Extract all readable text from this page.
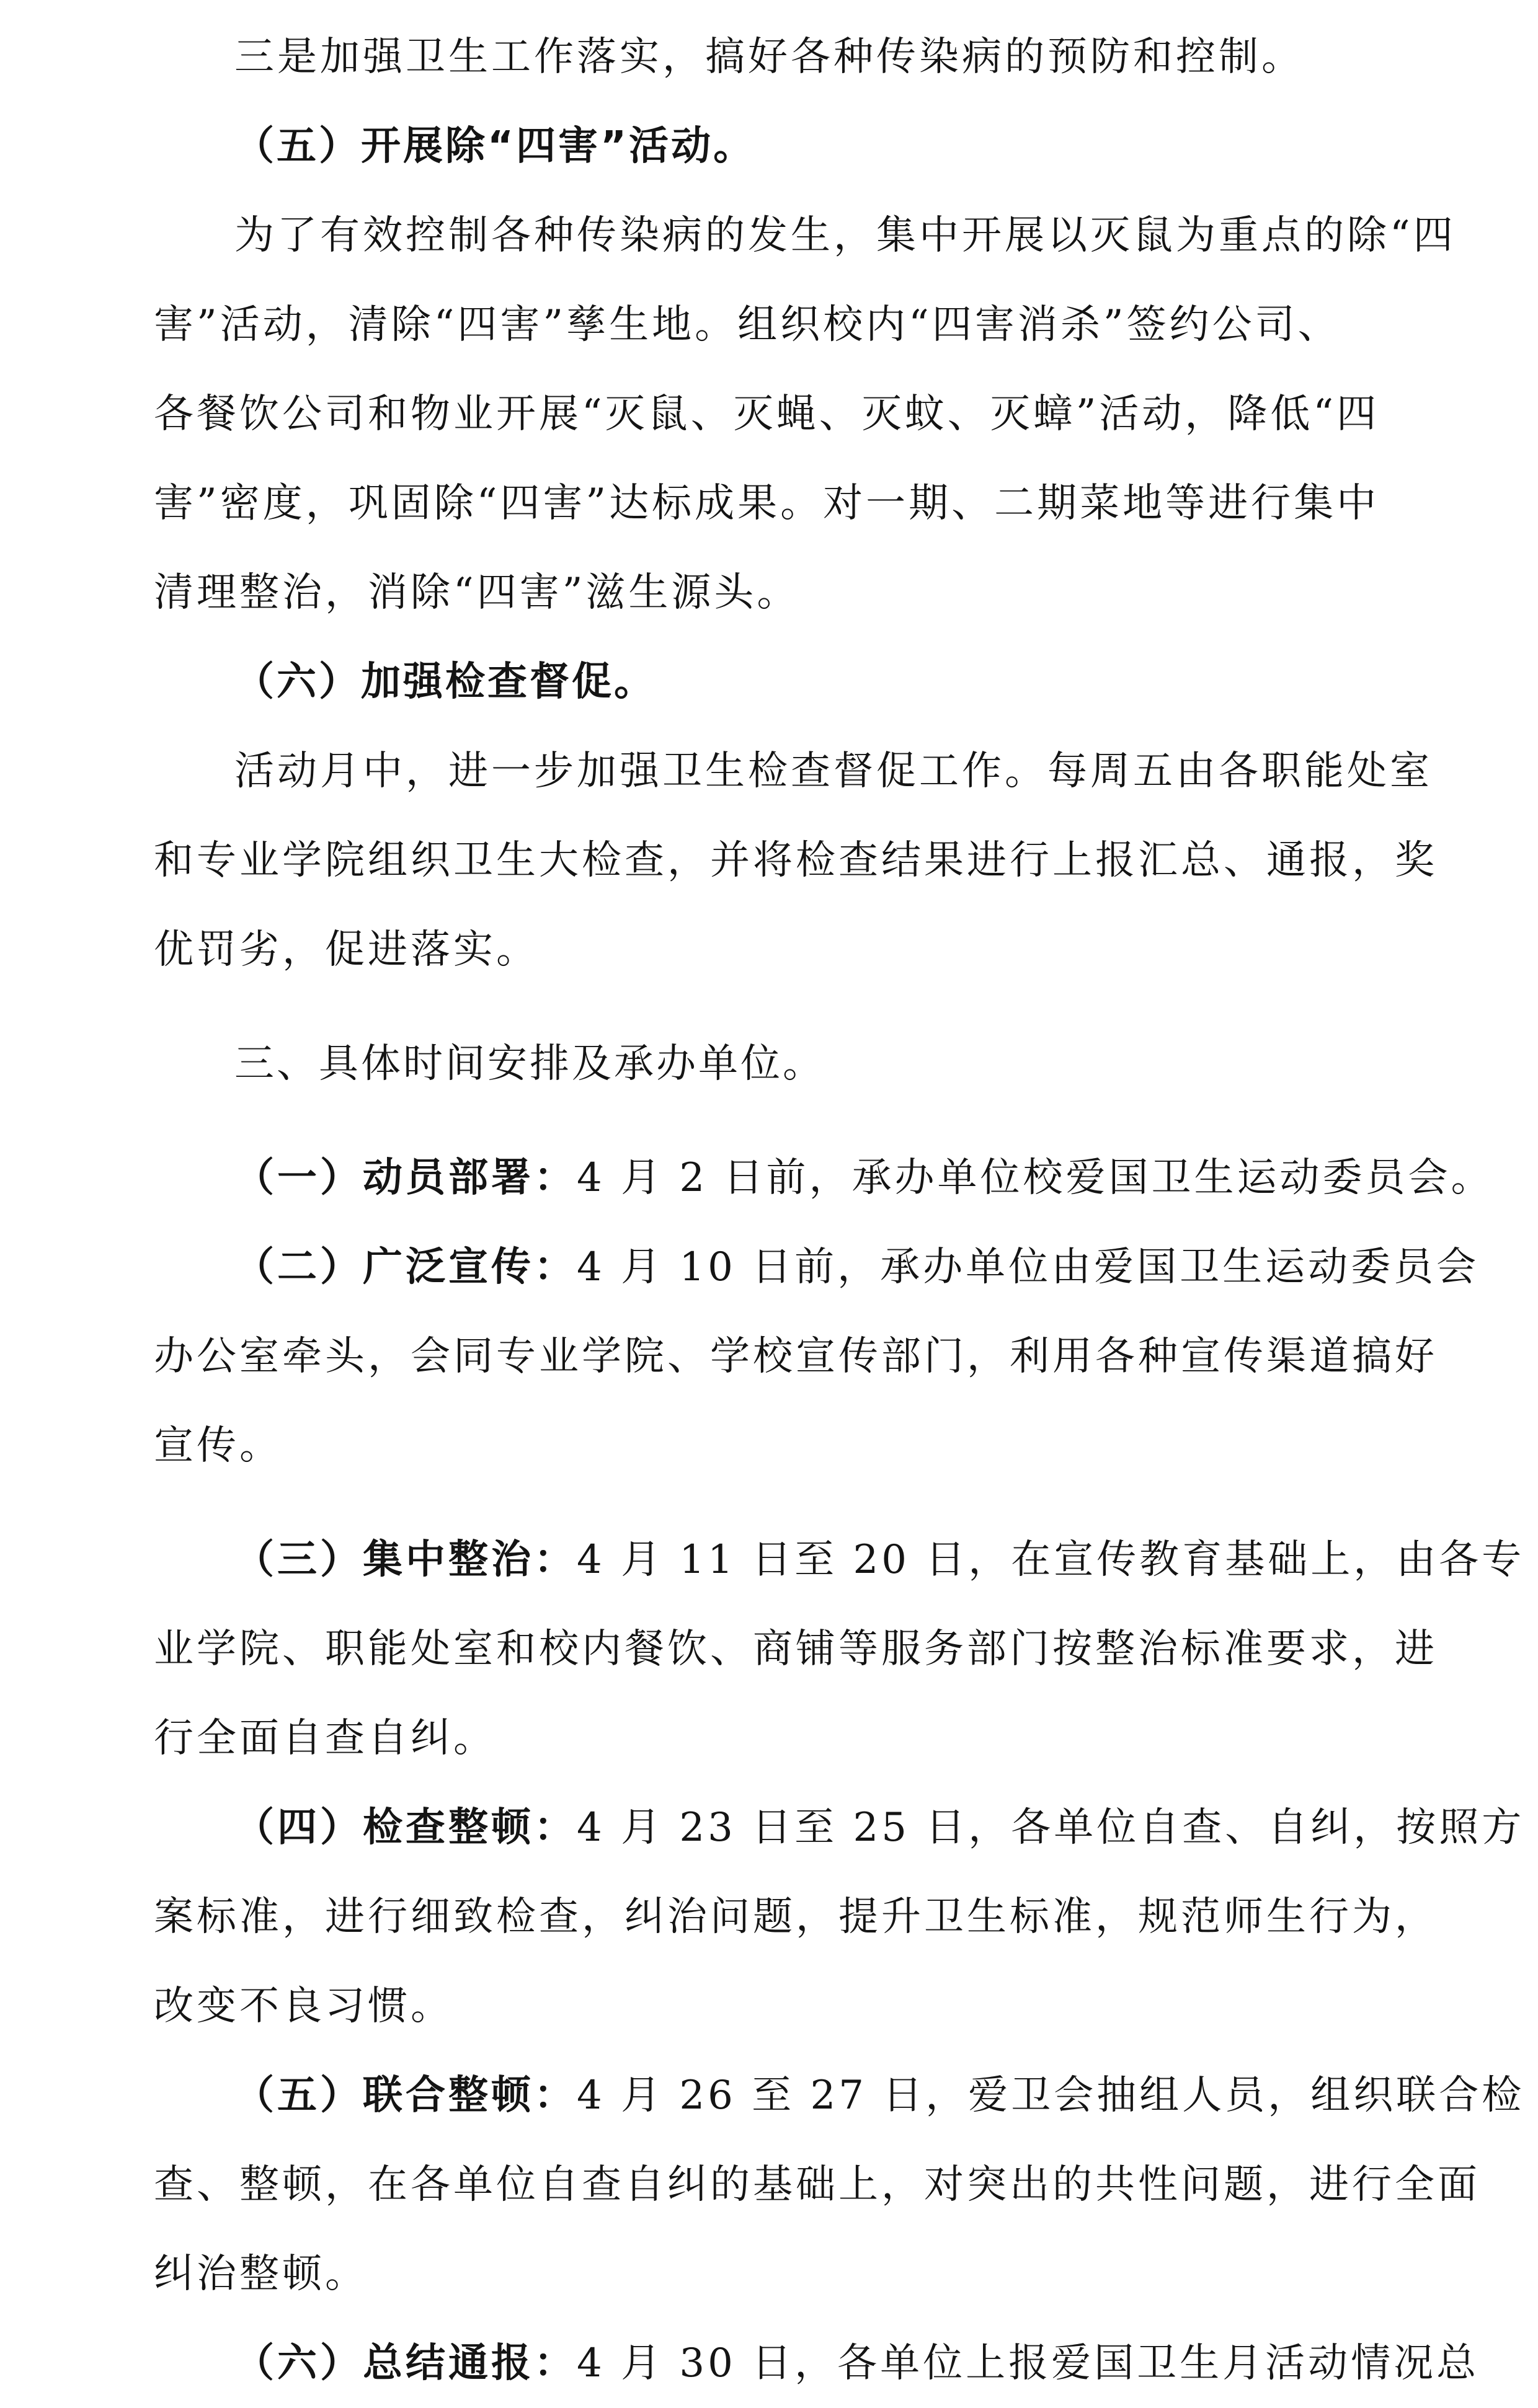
三是加强卫生工作落实，搞好各种传染病的预防和控制。

（五）开展除“四害”活动。

为了有效控制各种传染病的发生，集中开展以灭鼠为重点的除“四

害”活动，清除“四害”孳生地。组织校内“四害消杀”签约公司、

各餐饮公司和物业开展“灭鼠、灭蝇、灭蚊、灭蟑”活动，降低“四

害”密度，巩固除“四害”达标成果。对一期、二期菜地等进行集中

清理整治，消除“四害”滋生源头。

（六）加强检查督促。

活动月中，进一步加强卫生检查督促工作。每周五由各职能处室

和专业学院组织卫生大检查，并将检查结果进行上报汇总、通报，奖

优罚劣，促进落实。

三、具体时间安排及承办单位。

（一）动员部署：4 月 2 日前，承办单位校爱国卫生运动委员会。

（二）广泛宣传：4 月 10 日前，承办单位由爱国卫生运动委员会

办公室牵头，会同专业学院、学校宣传部门，利用各种宣传渠道搞好

宣传。

（三）集中整治：4 月 11 日至 20 日，在宣传教育基础上，由各专

业学院、职能处室和校内餐饮、商铺等服务部门按整治标准要求，进

行全面自查自纠。

（四）检查整顿：4 月 23 日至 25 日，各单位自查、自纠，按照方

案标准，进行细致检查，纠治问题，提升卫生标准，规范师生行为，

改变不良习惯。

（五）联合整顿：4 月 26 至 27 日，爱卫会抽组人员，组织联合检

查、整顿，在各单位自查自纠的基础上，对突出的共性问题，进行全面

纠治整顿。

（六）总结通报：4 月 30 日，各单位上报爱国卫生月活动情况总
